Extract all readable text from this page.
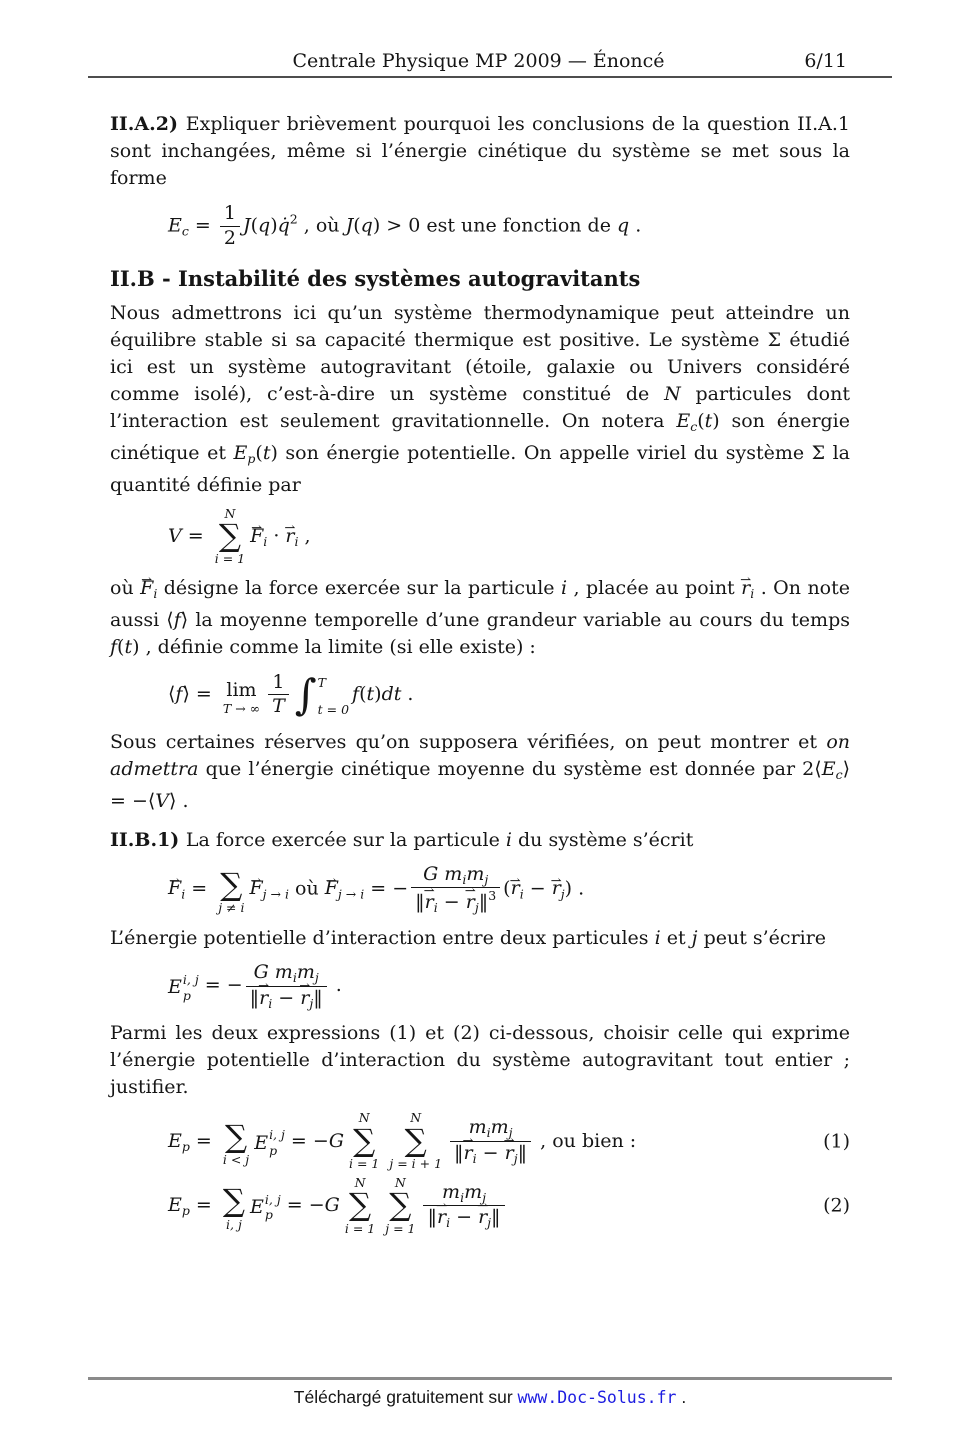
Centrale Physique MP 2009 — Énoncé	6/11

II.A.2) Expliquer brièvement pourquoi les conclusions de la question II.A.1 sont inchangées, même si l’énergie cinétique du système se met sous la forme

$E_c = \frac{1}{2}$ J(q)q̇$^2$ , où J(q) > 0 est une fonction de q .
II.B - Instabilité des systèmes autogravitants

Nous admettrons ici qu’un système thermodynamique peut atteindre un équilibre stable si sa capacité thermique est positive. Le système Σ étudié ici est un système autogravitant (étoile, galaxie ou Univers considéré comme isolé), c’est-à-dire un système constitué de N particules dont l’interaction est seulement gravitationnelle. On notera $E_c(t)$ son énergie cinétique et $E_p(t)$ son énergie potentielle. On appelle viriel du système Σ la quantité définie par

V =
N
∑
i = 1
⇀ $F_i$ · ⇀ $r_i$ ,

où ⇀ $F_i$ désigne la force exercée sur la particule i , placée au point ⇀ $r_i$ . On note aussi ⟨f⟩ la moyenne temporelle d’une grandeur variable au cours du temps f(t) , définie comme la limite (si elle existe) :

⟨f⟩ = lim
T → ∞ $\frac{1}{T}$ ∫ T
t = 0
f(t)dt .

Sous certaines réserves qu’on supposera vérifiées, on peut montrer et on admettra que l’énergie cinétique moyenne du système est donnée par $2⟨E_c⟩$ = −⟨V⟩ .

II.B.1) La force exercée sur la particule i du système s’écrit

⇀ $F_i$ = ∑
j ≠ i
⇀ $F_{j \to i}$ où ⇀ $F_{j \to i}$ = − $\frac{G m_im_j}{‖⇀ r_i - ⇀ r_j‖^3}$ (⇀ $r_i$ − ⇀ $r_j$) .

L’énergie potentielle d’interaction entre deux particules i et j peut s’écrire

E i, j
p = − $\frac{G m_im_j}{‖⇀ r_i - ⇀ r_j‖}$ .

Parmi les deux expressions (1) et (2) ci-dessous, choisir celle qui exprime l’énergie potentielle d’interaction du système autogravitant tout entier ; justifier.

$E_p$ = ∑
i < j
E i, j
p = −G
N
∑
i = 1
N
∑
$j = i + 1 \frac{m_im_j}{‖⇀ r_i - ⇀ r_j‖}$ , ou bien :	(1)
$E_p$ = ∑
i, j
E i, j
p = −G
N
∑
i = 1
N
∑
$j = 1 \frac{m_im_j}{‖⇀ r_i - ⇀ r_j‖}$	(2)
Téléchargé gratuitement sur www.Doc-Solus.fr .
